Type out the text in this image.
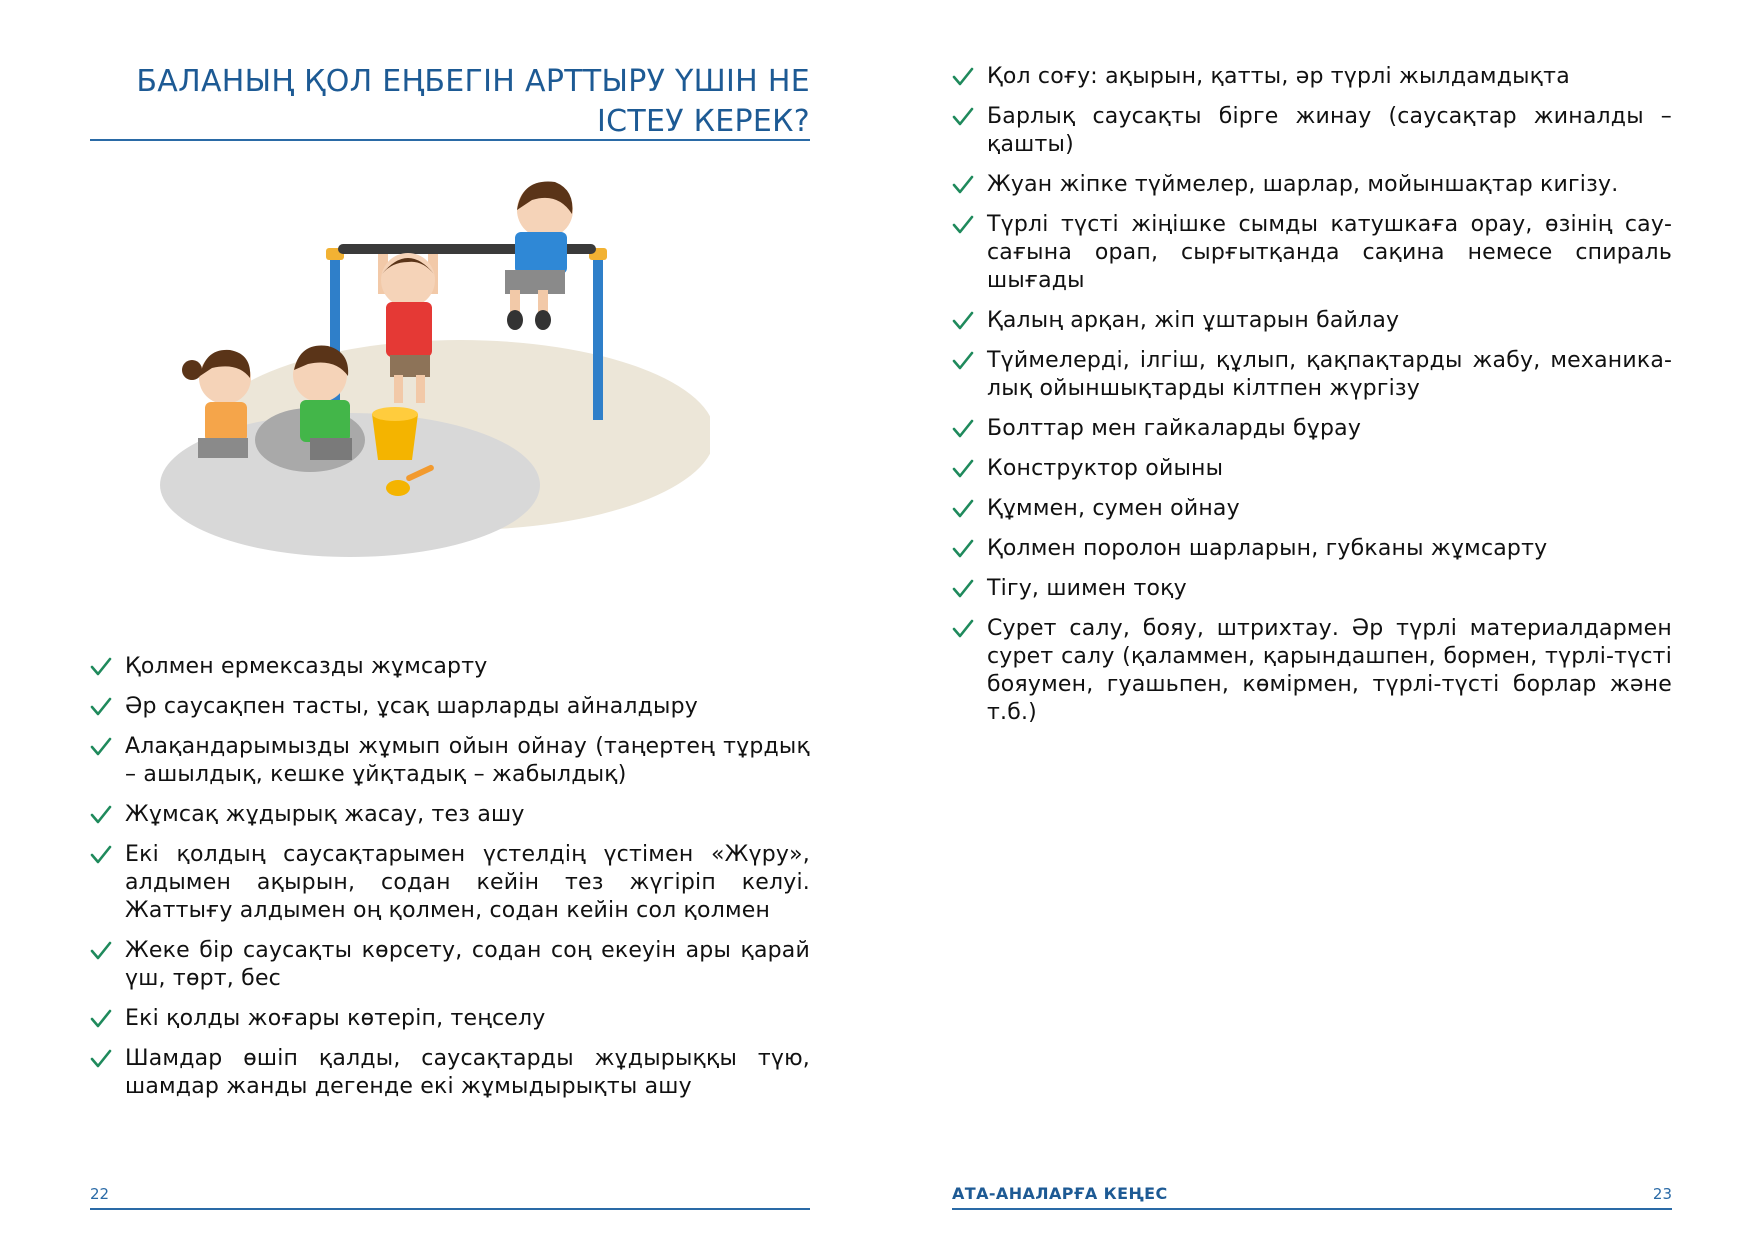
БАЛАНЫҢ ҚОЛ ЕҢБЕГІН АРТТЫРУ ҮШІН НЕ
ІСТЕУ КЕРЕК?
Қолмен ермексазды жұмсарту
Әр саусақпен тасты, ұсақ шарларды айналдыру
Алақандарымызды жұмып ойын ойнау (таңертең тұрдық – ашылдық, кешке ұйқтадық – жабылдық)
Жұмсақ жұдырық жасау, тез ашу
Екі қолдың саусақтарымен үстелдің үстімен «Жүру», алдымен ақырын, содан кейін тез жүгіріп келуі. Жаттығу алдымен оң қолмен, содан кейін сол қолмен
Жеке бір саусақты көрсету, содан соң екеуін ары қарай үш, төрт, бес
Екі қолды жоғары көтеріп, теңселу
Шамдар өшіп қалды, саусақтарды жұдырыққы түю, шамдар жанды дегенде екі жұмыдырықты ашу
22
Қол соғу: ақырын, қатты, әр түрлі жылдамдықта
Барлық саусақты бірге жинау (саусақтар жиналды – қашты)
Жуан жіпке түймелер, шарлар, мойыншақтар кигізу.
Түрлі түсті жіңішке сымды катушкаға орау, өзінің саусағына орап, сырғытқанда сақина немесе спираль шығады
Қалың арқан, жіп ұштарын байлау
Түймелерді, ілгіш, құлып, қақпақтарды жабу, механикалық ойыншықтарды кілтпен жүргізу
Болттар мен гайкаларды бұрау
Конструктор ойыны
Құммен, сумен ойнау
Қолмен поролон шарларын, губканы жұмсарту
Тігу, шимен тоқу
Сурет салу, бояу, штрихтау. Әр түрлі материалдармен сурет салу (қаламмен, қарындашпен, бормен, түрлі-түсті бояумен, гуашьпен, көмірмен, түрлі-түсті борлар және т.б.)
АТА-АНАЛАРҒА КЕҢЕС	23
